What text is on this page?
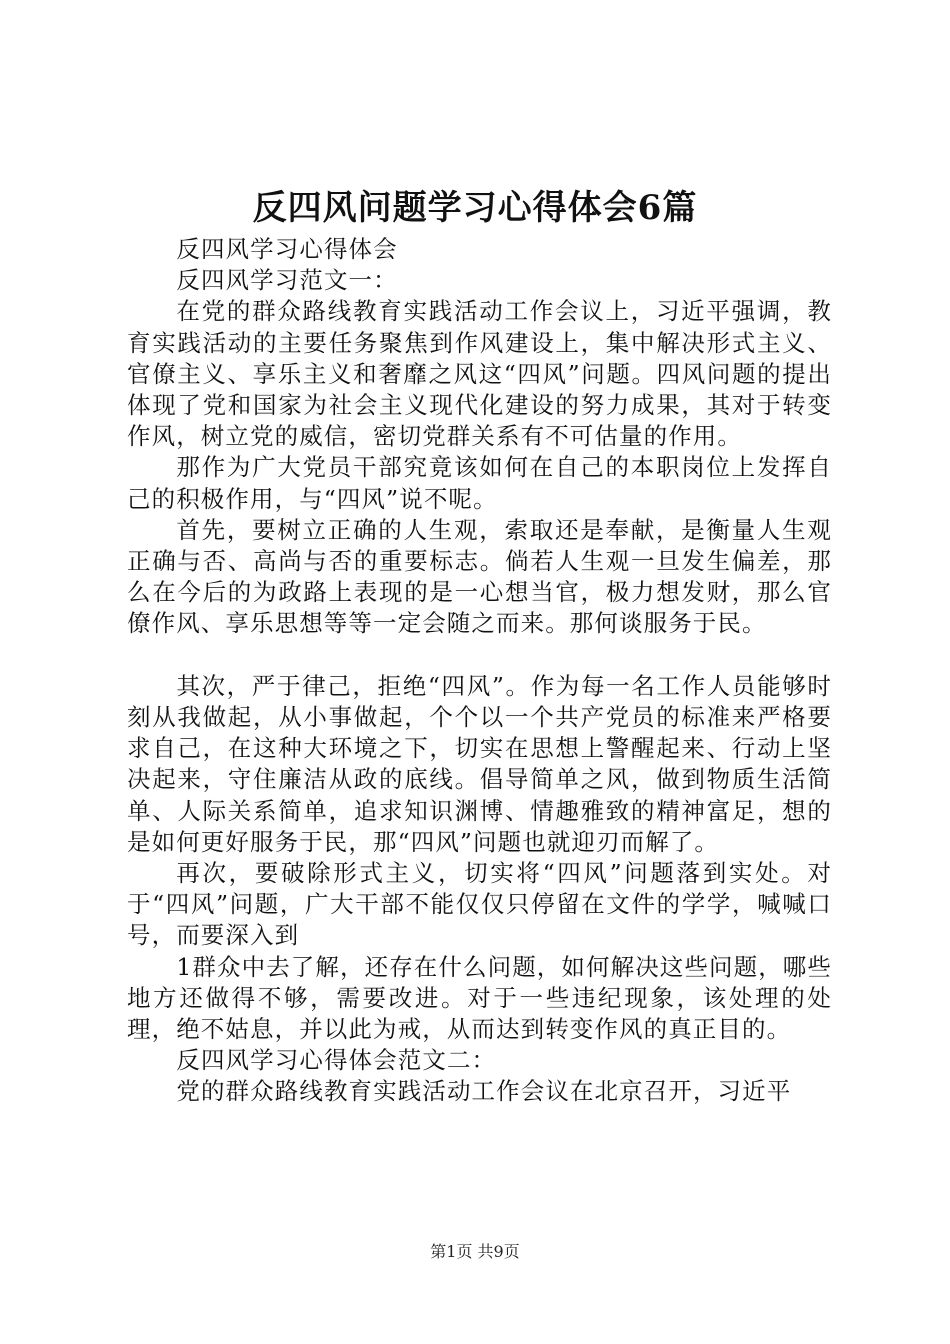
反四风问题学习心得体会6篇

反四风学习心得体会

反四风学习范文一：

在党的群众路线教育实践活动工作会议上，习近平强调，教育实践活动的主要任务聚焦到作风建设上，集中解决形式主义、官僚主义、享乐主义和奢靡之风这“四风”问题。四风问题的提出体现了党和国家为社会主义现代化建设的努力成果，其对于转变作风，树立党的威信，密切党群关系有不可估量的作用。

那作为广大党员干部究竟该如何在自己的本职岗位上发挥自己的积极作用，与“四风”说不呢。

首先，要树立正确的人生观，索取还是奉献，是衡量人生观正确与否、高尚与否的重要标志。倘若人生观一旦发生偏差，那么在今后的为政路上表现的是一心想当官，极力想发财，那么官僚作风、享乐思想等等一定会随之而来。那何谈服务于民。

其次，严于律己，拒绝“四风”。作为每一名工作人员能够时刻从我做起，从小事做起，个个以一个共产党员的标准来严格要求自己，在这种大环境之下，切实在思想上警醒起来、行动上坚决起来，守住廉洁从政的底线。倡导简单之风，做到物质生活简单、人际关系简单，追求知识渊博、情趣雅致的精神富足，想的是如何更好服务于民，那“四风”问题也就迎刃而解了。

再次，要破除形式主义，切实将“四风”问题落到实处。对于“四风”问题，广大干部不能仅仅只停留在文件的学学，喊喊口号，而要深入到

1群众中去了解，还存在什么问题，如何解决这些问题，哪些地方还做得不够，需要改进。对于一些违纪现象，该处理的处理，绝不姑息，并以此为戒，从而达到转变作风的真正目的。

反四风学习心得体会范文二：

党的群众路线教育实践活动工作会议在北京召开，习近平

第1页 共9页
